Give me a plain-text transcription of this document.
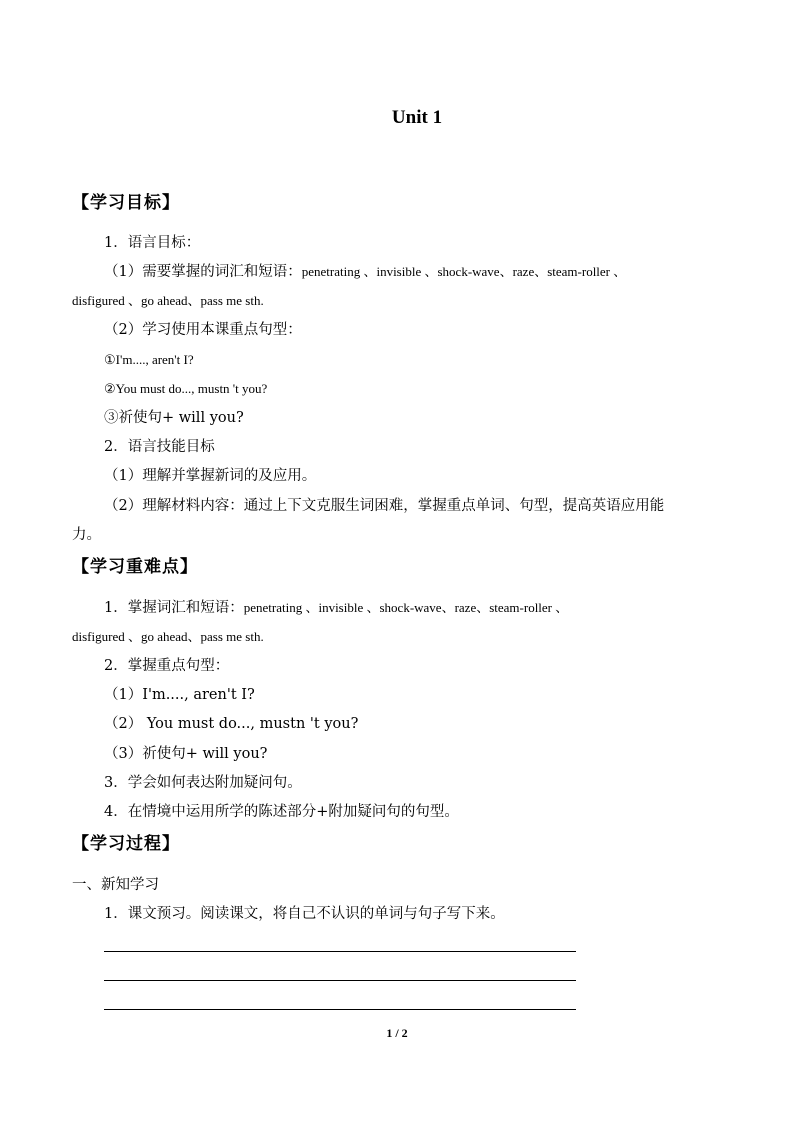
Unit 1
【学习目标】
1．语言目标：
（1）需要掌握的词汇和短语：penetrating 、invisible 、shock-wave、raze、steam-roller 、
disfigured 、go ahead、pass me sth.
（2）学习使用本课重点句型：
①I'm...., aren't I?
②You must do..., mustn 't you?
③祈使句+ will you?
2．语言技能目标
（1）理解并掌握新词的及应用。
（2）理解材料内容：通过上下文克服生词困难，掌握重点单词、句型，提高英语应用能
力。
【学习重难点】
1．掌握词汇和短语：penetrating 、invisible 、shock-wave、raze、steam-roller 、
disfigured 、go ahead、pass me sth.
2．掌握重点句型：
（1）I'm...., aren't I?
（2） You must do..., mustn 't you?
（3）祈使句+ will you?
3．学会如何表达附加疑问句。
4．在情境中运用所学的陈述部分+附加疑问句的句型。
【学习过程】
一、新知学习
1．课文预习。阅读课文，将自己不认识的单词与句子写下来。
1 / 2
